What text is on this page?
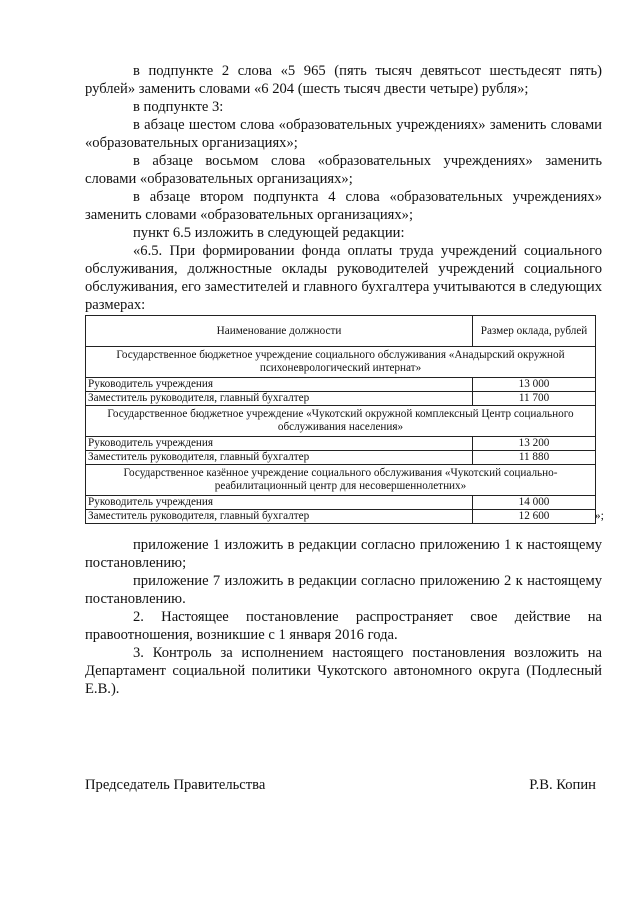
в подпункте 2 слова «5 965 (пять тысяч девятьсот шестьдесят пять) рублей» заменить словами «6 204 (шесть тысяч двести четыре) рубля»;

в подпункте 3:

в абзаце шестом слова «образовательных учреждениях» заменить словами «образовательных организациях»;

в абзаце восьмом слова «образовательных учреждениях» заменить словами «образовательных организациях»;

в абзаце втором подпункта 4 слова «образовательных учреждениях» заменить словами «образовательных организациях»;

пункт 6.5 изложить в следующей редакции:

«6.5. При формировании фонда оплаты труда учреждений социального обслуживания, должностные оклады руководителей учреждений социального обслуживания, его заместителей и главного бухгалтера учитываются в следующих размерах:

Наименование должности	Размер оклада, рублей
Государственное бюджетное учреждение социального обслуживания «Анадырский окружной психоневрологический интернат»	
Руководитель учреждения	13 000
Заместитель руководителя, главный бухгалтер	11 700
Государственное бюджетное учреждение «Чукотский окружной комплексный Центр социального обслуживания населения»	
Руководитель учреждения	13 200
Заместитель руководителя, главный бухгалтер	11 880
Государственное казённое учреждение социального обслуживания «Чукотский социально-реабилитационный центр для несовершеннолетних»	
Руководитель учреждения	14 000
Заместитель руководителя, главный бухгалтер	12 600	»;

приложение 1 изложить в редакции согласно приложению 1 к настоящему постановлению;

приложение 7 изложить в редакции согласно приложению 2 к настоящему постановлению.

2. Настоящее постановление распространяет свое действие на правоотношения, возникшие с 1 января 2016 года.

3. Контроль за исполнением настоящего постановления возложить на Департамент социальной политики Чукотского автономного округа (Подлесный Е.В.).

Председатель Правительства	Р.В. Копин
